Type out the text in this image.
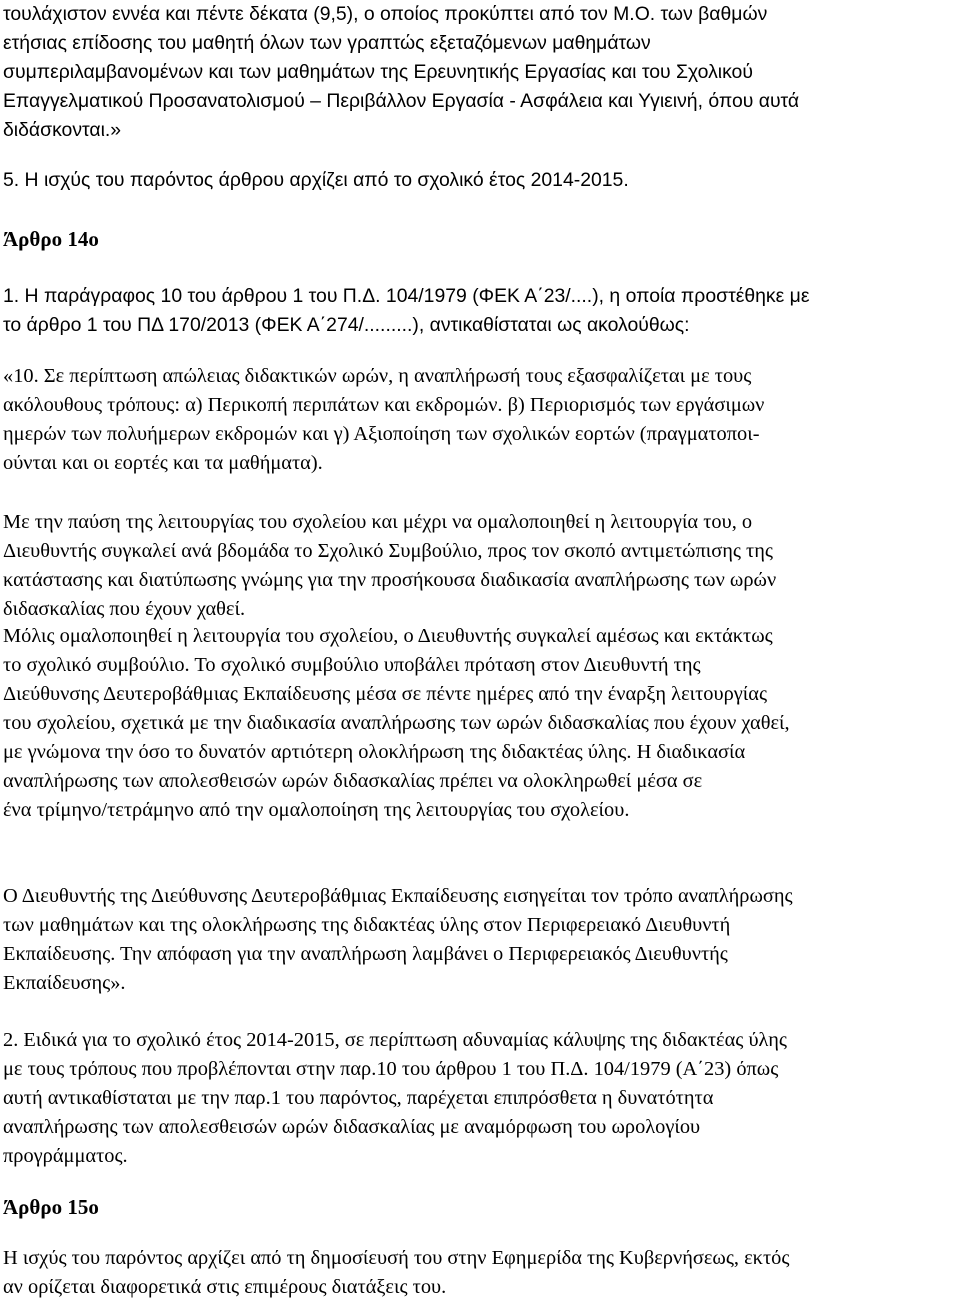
τουλάχιστον εννέα και πέντε δέκατα (9,5), ο οποίος προκύπτει από τον Μ.Ο. των βαθμών
ετήσιας επίδοσης του μαθητή όλων των γραπτώς εξεταζόμενων μαθημάτων
συμπεριλαμβανομένων και των μαθημάτων της Ερευνητικής Εργασίας και του Σχολικού
Επαγγελματικού Προσανατολισμού – Περιβάλλον Εργασία - Ασφάλεια και Υγιεινή, όπου αυτά
διδάσκονται.»

5. Η ισχύς του παρόντος άρθρου αρχίζει από το σχολικό έτος 2014-2015.

Άρθρο 14ο

1. Η παράγραφος 10 του άρθρου 1 του Π.Δ. 104/1979 (ΦΕΚ Α΄23/....), η οποία προστέθηκε με
το άρθρο 1 του ΠΔ 170/2013 (ΦΕΚ Α΄274/.........), αντικαθίσταται ως ακολούθως:

«10. Σε περίπτωση απώλειας διδακτικών ωρών, η αναπλήρωσή τους εξασφαλίζεται με τους
ακόλουθους τρόπους: α) Περικοπή περιπάτων και εκδρομών. β) Περιορισμός των εργάσιμων
ημερών των πολυήμερων εκδρομών και γ) Αξιοποίηση των σχολικών εορτών (πραγματοποι-
ούνται και οι εορτές και τα μαθήματα).

Με την παύση της λειτουργίας του σχολείου και μέχρι να ομαλοποιηθεί η λειτουργία του, ο
Διευθυντής συγκαλεί ανά βδομάδα το Σχολικό Συμβούλιο, προς τον σκοπό αντιμετώπισης της
κατάστασης και διατύπωσης γνώμης για την προσήκουσα διαδικασία αναπλήρωσης των ωρών
διδασκαλίας που έχουν χαθεί.

Μόλις ομαλοποιηθεί η λειτουργία του σχολείου, ο Διευθυντής συγκαλεί αμέσως και εκτάκτως
το σχολικό συμβούλιο. Το σχολικό συμβούλιο υποβάλει πρόταση στον Διευθυντή της
Διεύθυνσης Δευτεροβάθμιας Εκπαίδευσης μέσα σε πέντε ημέρες από την έναρξη λειτουργίας
του σχολείου, σχετικά με την διαδικασία αναπλήρωσης των ωρών διδασκαλίας που έχουν χαθεί,
με γνώμονα την όσο το δυνατόν αρτιότερη ολοκλήρωση της διδακτέας ύλης. Η διαδικασία
αναπλήρωσης των απολεσθεισών ωρών διδασκαλίας πρέπει να ολοκληρωθεί μέσα σε
ένα τρίμηνο/τετράμηνο από την ομαλοποίηση της λειτουργίας του σχολείου.

Ο Διευθυντής της Διεύθυνσης Δευτεροβάθμιας Εκπαίδευσης εισηγείται τον τρόπο αναπλήρωσης
των μαθημάτων και της ολοκλήρωσης της διδακτέας ύλης στον Περιφερειακό Διευθυντή
Εκπαίδευσης. Την απόφαση για την αναπλήρωση λαμβάνει ο Περιφερειακός Διευθυντής
Εκπαίδευσης».

2. Ειδικά για το σχολικό έτος 2014-2015, σε περίπτωση αδυναμίας κάλυψης της διδακτέας ύλης
με τους τρόπους που προβλέπονται στην παρ.10 του άρθρου 1 του Π.Δ. 104/1979 (Α΄23) όπως
αυτή αντικαθίσταται με την παρ.1 του παρόντος, παρέχεται επιπρόσθετα η δυνατότητα
αναπλήρωσης των απολεσθεισών ωρών διδασκαλίας με αναμόρφωση του ωρολογίου
προγράμματος.

Άρθρο 15ο

Η ισχύς του παρόντος αρχίζει από τη δημοσίευσή του στην Εφημερίδα της Κυβερνήσεως, εκτός
αν ορίζεται διαφορετικά στις επιμέρους διατάξεις του.
